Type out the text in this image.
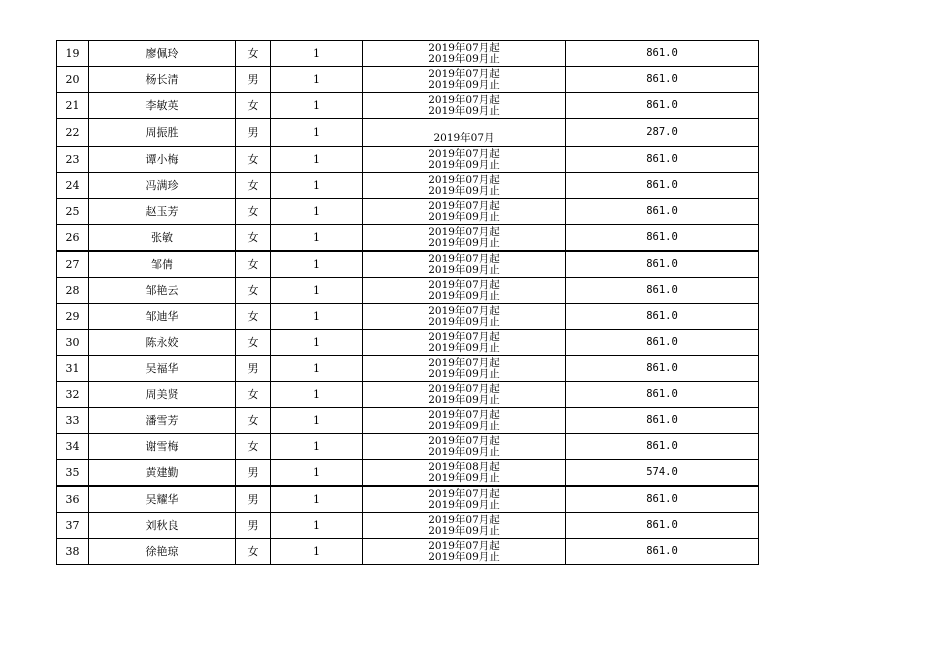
19	廖佩玲	女	1	2019年07月起
2019年09月止	861.0
20	杨长清	男	1	2019年07月起
2019年09月止	861.0
21	李敏英	女	1	2019年07月起
2019年09月止	861.0
22	周振胜	男	1	2019年07月	287.0
23	谭小梅	女	1	2019年07月起
2019年09月止	861.0
24	冯满珍	女	1	2019年07月起
2019年09月止	861.0
25	赵玉芳	女	1	2019年07月起
2019年09月止	861.0
26	张敏	女	1	2019年07月起
2019年09月止	861.0
27	邹倩	女	1	2019年07月起
2019年09月止	861.0
28	邹艳云	女	1	2019年07月起
2019年09月止	861.0
29	邹迪华	女	1	2019年07月起
2019年09月止	861.0
30	陈永姣	女	1	2019年07月起
2019年09月止	861.0
31	吴福华	男	1	2019年07月起
2019年09月止	861.0
32	周美贤	女	1	2019年07月起
2019年09月止	861.0
33	潘雪芳	女	1	2019年07月起
2019年09月止	861.0
34	谢雪梅	女	1	2019年07月起
2019年09月止	861.0
35	黄建勤	男	1	2019年08月起
2019年09月止	574.0
36	吴耀华	男	1	2019年07月起
2019年09月止	861.0
37	刘秋良	男	1	2019年07月起
2019年09月止	861.0
38	徐艳琼	女	1	2019年07月起
2019年09月止	861.0
